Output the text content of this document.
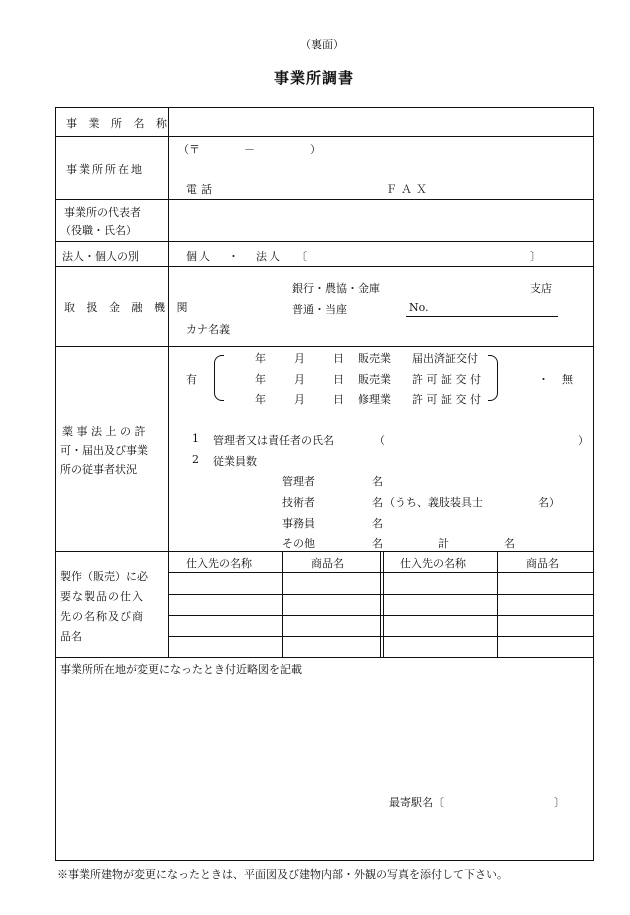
（裏面）
事業所調書
事 業 所 名 称
事業所所在地
（〒　　　　－　　　　　）
電話	ＦＡＸ
事業所の代表者
（役職・氏名）
法人・個人の別	個人 ・ 法人 〔	〕
取 扱 金 融 機 関
銀行・農協・金庫	支店
普通・当座	No.
カナ名義
薬 事 法 上 の 許
可・届出及び事業
所の従事者状況
有
年	月	日 販売業 届出済証交付
年	月	日 販売業 許 可 証 交 付
年	月	日 修理業 許 可 証 交 付
・ 無
1 管理者又は責任者の氏名	（	）
2 従業員数
管理者	名
技術者	名 （うち、義肢装具士　　　　　名）
事務員	名
その他	名	計	名
製作（販売）に必
要な製品の仕入
先の名称及び商
品名
仕入先の名称	商品名	仕入先の名称	商品名
事業所所在地が変更になったとき付近略図を記載
最寄駅名〔　　　　　　　　　　〕
※事業所建物が変更になったときは、平面図及び建物内部・外観の写真を添付して下さい。
